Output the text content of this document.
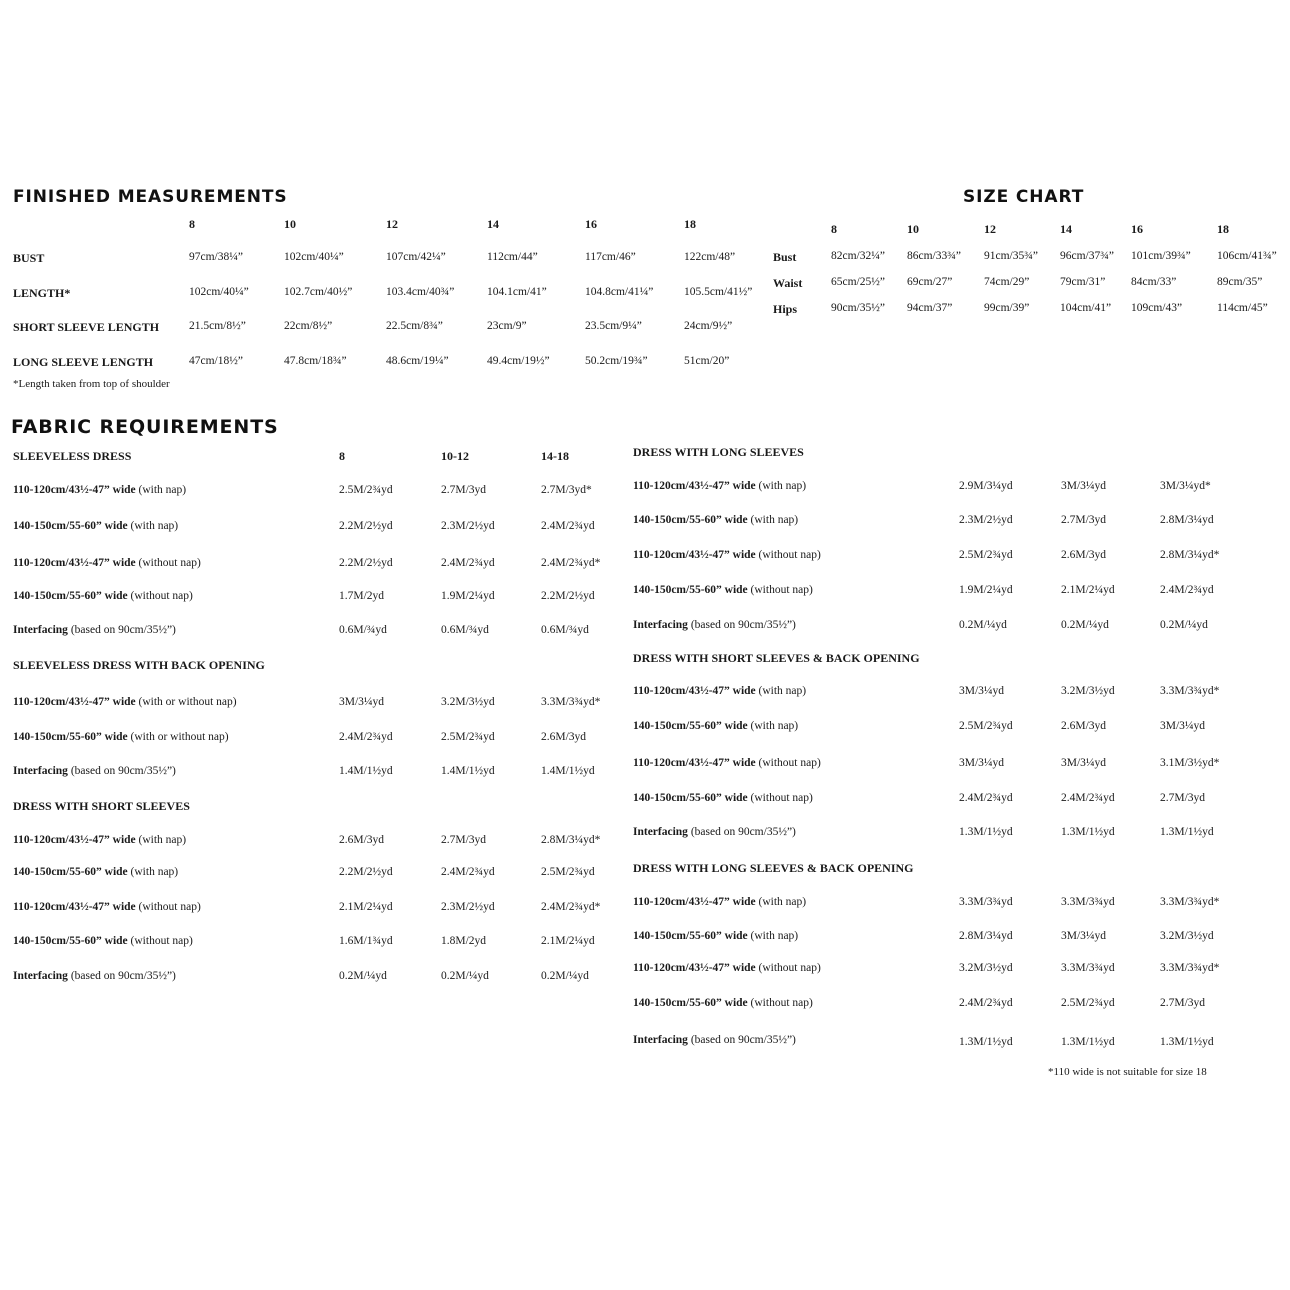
FINISHED MEASUREMENTS
8	10	12	14	16	18
BUST	97cm/38¼”	102cm/40¼”	107cm/42¼”	112cm/44”	117cm/46”	122cm/48”
LENGTH*	102cm/40¼”	102.7cm/40½”	103.4cm/40¾”	104.1cm/41”	104.8cm/41¼”	105.5cm/41½”
SHORT SLEEVE LENGTH	21.5cm/8½”	22cm/8½”	22.5cm/8¾”	23cm/9”	23.5cm/9¼”	24cm/9½”
LONG SLEEVE LENGTH	47cm/18½”	47.8cm/18¾”	48.6cm/19¼”	49.4cm/19½”	50.2cm/19¾”	51cm/20”
*Length taken from top of shoulder
SIZE CHART
8	10	12	14	16	18
Bust	82cm/32¼” 86cm/33¾” 91cm/35¾” 96cm/37¾” 101cm/39¾” 106cm/41¾”
Waist 65cm/25½” 69cm/27”	74cm/29”	79cm/31” 84cm/33”	89cm/35”
Hips	90cm/35½” 94cm/37”	99cm/39”	104cm/41” 109cm/43”	114cm/45”
FABRIC REQUIREMENTS
SLEEVELESS DRESS	8	10-12	14-18
110-120cm/43½-47” wide (with nap)	2.5M/2¾yd	2.7M/3yd	2.7M/3yd*
140-150cm/55-60” wide (with nap)	2.2M/2½yd	2.3M/2½yd	2.4M/2¾yd
110-120cm/43½-47” wide (without nap)	2.2M/2½yd	2.4M/2¾yd	2.4M/2¾yd*
140-150cm/55-60” wide (without nap)	1.7M/2yd	1.9M/2¼yd	2.2M/2½yd
Interfacing (based on 90cm/35½”)	0.6M/¾yd	0.6M/¾yd	0.6M/¾yd
SLEEVELESS DRESS WITH BACK OPENING
110-120cm/43½-47” wide (with or without nap)	3M/3¼yd	3.2M/3½yd	3.3M/3¾yd*
140-150cm/55-60” wide (with or without nap)	2.4M/2¾yd	2.5M/2¾yd	2.6M/3yd
Interfacing (based on 90cm/35½”)	1.4M/1½yd	1.4M/1½yd	1.4M/1½yd
DRESS WITH SHORT SLEEVES
110-120cm/43½-47” wide (with nap)	2.6M/3yd	2.7M/3yd	2.8M/3¼yd*
140-150cm/55-60” wide (with nap)	2.2M/2½yd	2.4M/2¾yd	2.5M/2¾yd
110-120cm/43½-47” wide (without nap)	2.1M/2¼yd	2.3M/2½yd	2.4M/2¾yd*
140-150cm/55-60” wide (without nap)	1.6M/1¾yd	1.8M/2yd	2.1M/2¼yd
Interfacing (based on 90cm/35½”)	0.2M/¼yd	0.2M/¼yd	0.2M/¼yd
DRESS WITH LONG SLEEVES
110-120cm/43½-47” wide (with nap)	2.9M/3¼yd	3M/3¼yd	3M/3¼yd*
140-150cm/55-60” wide (with nap)	2.3M/2½yd	2.7M/3yd	2.8M/3¼yd
110-120cm/43½-47” wide (without nap)	2.5M/2¾yd	2.6M/3yd	2.8M/3¼yd*
140-150cm/55-60” wide (without nap)	1.9M/2¼yd	2.1M/2¼yd	2.4M/2¾yd
Interfacing (based on 90cm/35½”)	0.2M/¼yd	0.2M/¼yd	0.2M/¼yd
DRESS WITH SHORT SLEEVES & BACK OPENING
110-120cm/43½-47” wide (with nap)	3M/3¼yd	3.2M/3½yd	3.3M/3¾yd*
140-150cm/55-60” wide (with nap)	2.5M/2¾yd	2.6M/3yd	3M/3¼yd
110-120cm/43½-47” wide (without nap)	3M/3¼yd	3M/3¼yd	3.1M/3½yd*
140-150cm/55-60” wide (without nap)	2.4M/2¾yd	2.4M/2¾yd	2.7M/3yd
Interfacing (based on 90cm/35½”)	1.3M/1½yd	1.3M/1½yd	1.3M/1½yd
DRESS WITH LONG SLEEVES & BACK OPENING
110-120cm/43½-47” wide (with nap)	3.3M/3¾yd	3.3M/3¾yd	3.3M/3¾yd*
140-150cm/55-60” wide (with nap)	2.8M/3¼yd	3M/3¼yd	3.2M/3½yd
110-120cm/43½-47” wide (without nap)	3.2M/3½yd	3.3M/3¾yd	3.3M/3¾yd*
140-150cm/55-60” wide (without nap)	2.4M/2¾yd	2.5M/2¾yd	2.7M/3yd
Interfacing (based on 90cm/35½”)	1.3M/1½yd	1.3M/1½yd	1.3M/1½yd
*110 wide is not suitable for size 18
